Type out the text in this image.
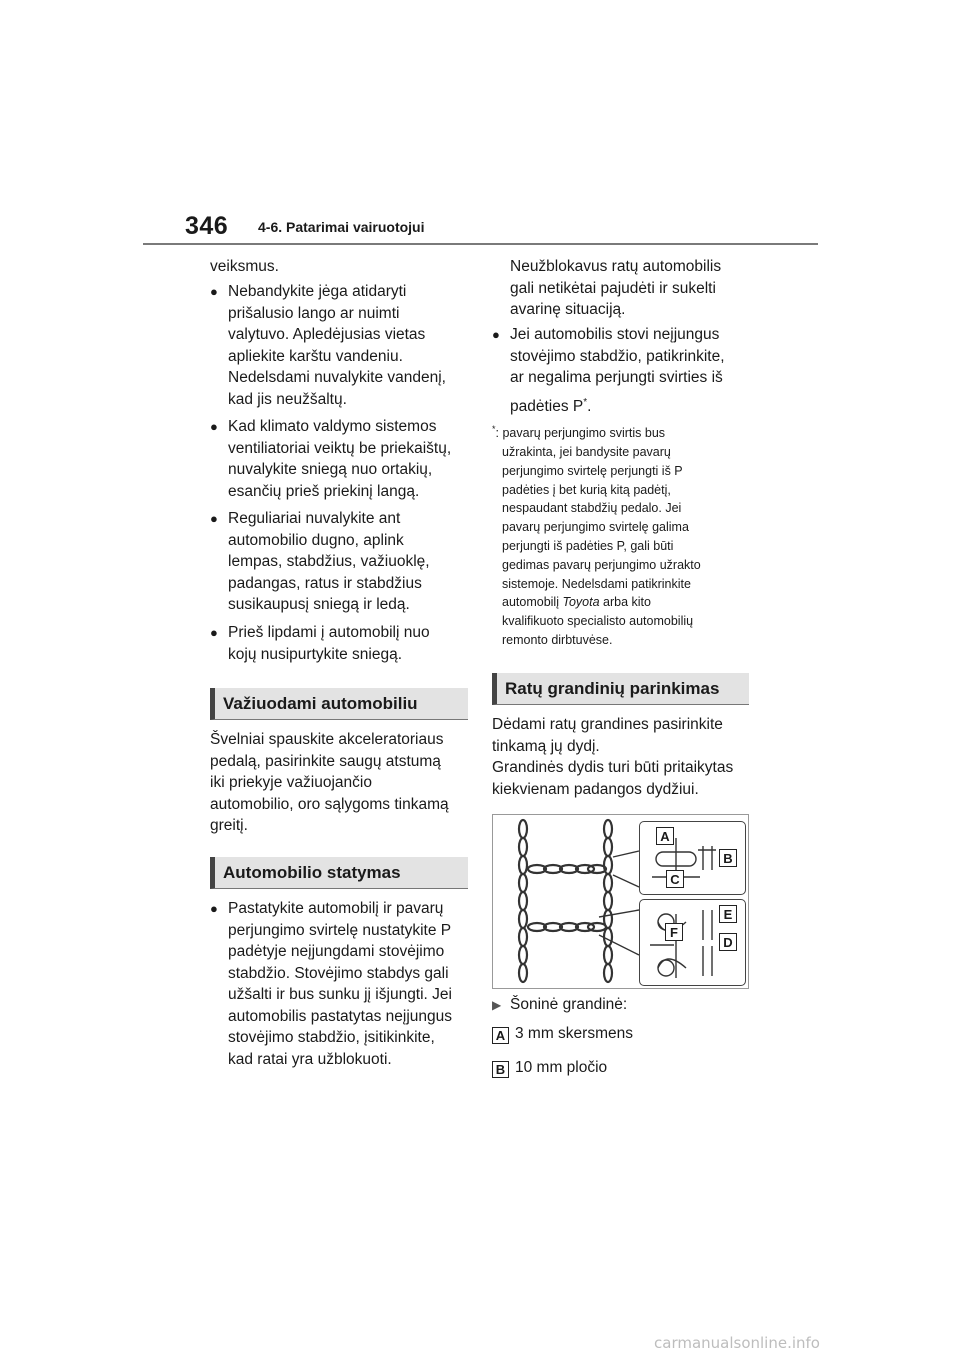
346 4-6. Patarimai vairuotojui
veiksmus.
● Nebandykite jėga atidaryti
prišalusio lango ar nuimti
valytuvo. Apledėjusias vietas
apliekite karštu vandeniu.
Nedelsdami nuvalykite vandenį,
kad jis neužšaltų.
● Kad klimato valdymo sistemos
ventiliatoriai veiktų be priekaištų,
nuvalykite sniegą nuo ortakių,
esančių prieš priekinį langą.
● Reguliariai nuvalykite ant
automobilio dugno, aplink
lempas, stabdžius, važiuoklę,
padangas, ratus ir stabdžius
susikaupusį sniegą ir ledą.
● Prieš lipdami į automobilį nuo
kojų nusipurtykite sniegą.
Važiuodami automobiliu
Švelniai spauskite akceleratoriaus
pedalą, pasirinkite saugų atstumą
iki priekyje važiuojančio
automobilio, oro sąlygoms tinkamą
greitį.
Automobilio statymas
● Pastatykite automobilį ir pavarų
perjungimo svirtelę nustatykite P
padėtyje neįjungdami stovėjimo
stabdžio. Stovėjimo stabdys gali
užšalti ir bus sunku jį išjungti. Jei
automobilis pastatytas neįjungus
stovėjimo stabdžio, įsitikinkite,
kad ratai yra užblokuoti.
Neužblokavus ratų automobilis
gali netikėtai pajudėti ir sukelti
avarinę situaciją.
● Jei automobilis stovi neįjungus
stovėjimo stabdžio, patikrinkite,
ar negalima perjungti svirties iš
padėties P*.
*: pavarų perjungimo svirtis bus
užrakinta, jei bandysite pavarų
perjungimo svirtelę perjungti iš P
padėties į bet kurią kitą padėtį,
nespaudant stabdžių pedalo. Jei
pavarų perjungimo svirtelę galima
perjungti iš padėties P, gali būti
gedimas pavarų perjungimo užrakto
sistemoje. Nedelsdami patikrinkite
automobilį Toyota arba kito
kvalifikuoto specialisto automobilių
remonto dirbtuvėse.
Ratų grandinių parinkimas
Dėdami ratų grandines pasirinkite
tinkamą jų dydį.
Grandinės dydis turi būti pritaikytas
kiekvienam padangos dydžiui.
A
B
C
E
F
D
▶ Šoninė grandinė:
A 3 mm skersmens
B 10 mm pločio
carmanualsonline.info
